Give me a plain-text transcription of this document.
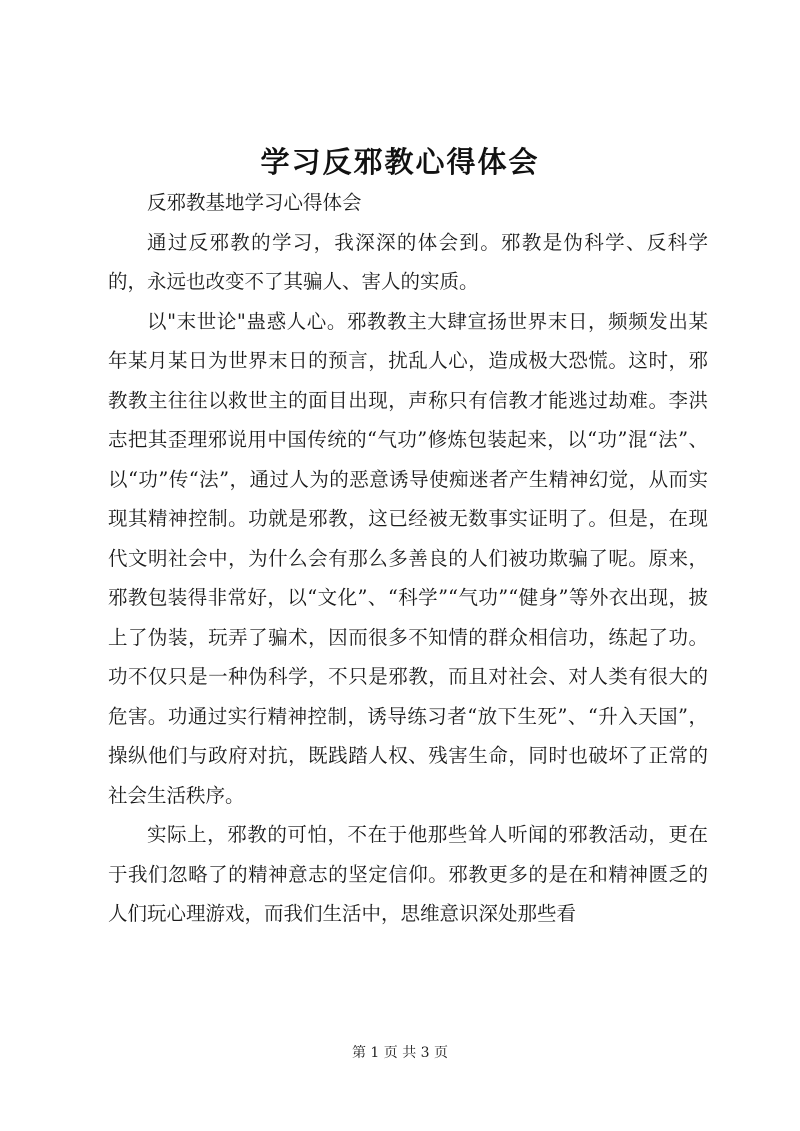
学习反邪教心得体会

反邪教基地学习心得体会

通过反邪教的学习，我深深的体会到。邪教是伪科学、反科学的，永远也改变不了其骗人、害人的实质。

以"末世论"蛊惑人心。邪教教主大肆宣扬世界末日，频频发出某年某月某日为世界末日的预言，扰乱人心，造成极大恐慌。这时，邪教教主往往以救世主的面目出现，声称只有信教才能逃过劫难。李洪志把其歪理邪说用中国传统的“气功”修炼包装起来，以“功”混“法”、以“功”传“法”，通过人为的恶意诱导使痴迷者产生精神幻觉，从而实现其精神控制。功就是邪教，这已经被无数事实证明了。但是，在现代文明社会中，为什么会有那么多善良的人们被功欺骗了呢。原来，邪教包装得非常好，以“文化”、“科学”“气功”“健身”等外衣出现，披上了伪装，玩弄了骗术，因而很多不知情的群众相信功，练起了功。功不仅只是一种伪科学，不只是邪教，而且对社会、对人类有很大的危害。功通过实行精神控制，诱导练习者“放下生死”、“升入天国”，操纵他们与政府对抗，既践踏人权、残害生命，同时也破坏了正常的社会生活秩序。

实际上，邪教的可怕，不在于他那些耸人听闻的邪教活动，更在于我们忽略了的精神意志的坚定信仰。邪教更多的是在和精神匮乏的人们玩心理游戏，而我们生活中，思维意识深处那些看

第 1 页 共 3 页
